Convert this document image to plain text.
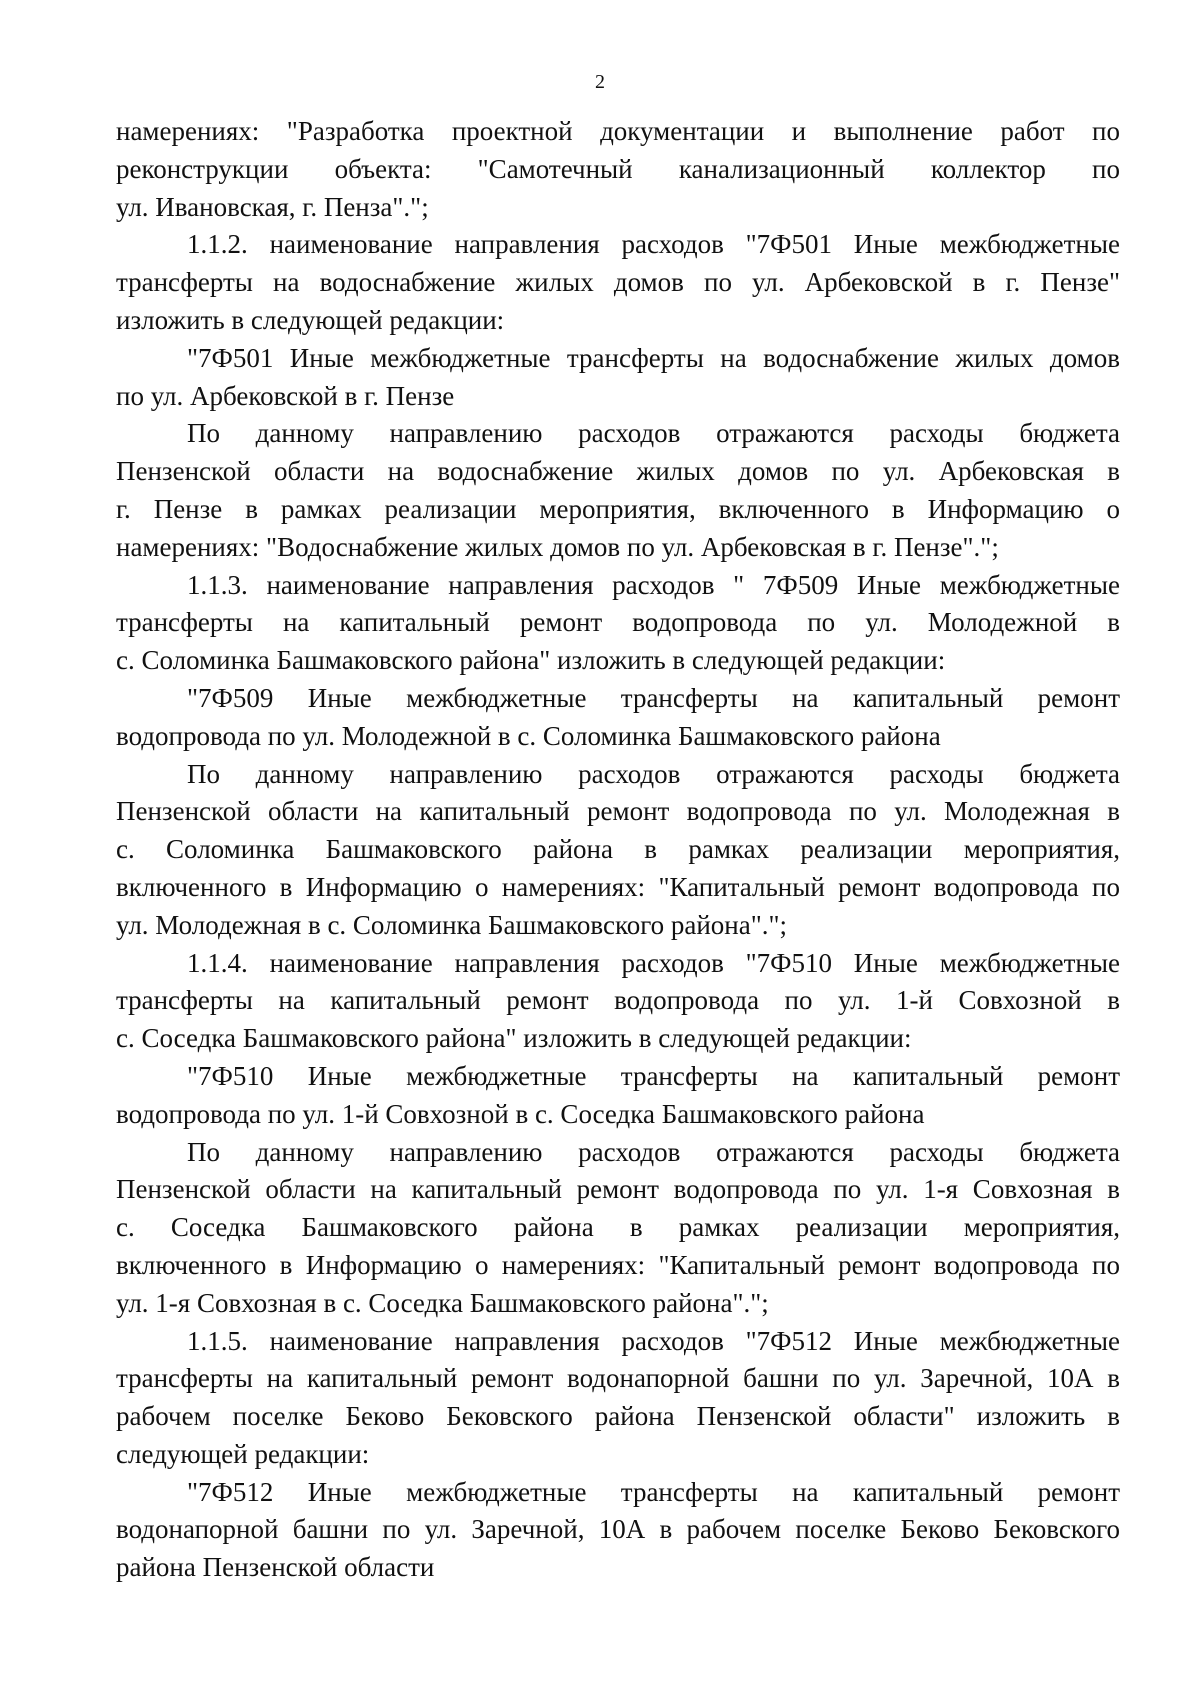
2
намерениях: "Разработка проектной документации и выполнение работ по
реконструкции объекта: "Самотечный канализационный коллектор по
ул. Ивановская, г. Пенза".";
1.1.2. наименование направления расходов "7Ф501 Иные межбюджетные
трансферты на водоснабжение жилых домов по ул. Арбековской в г. Пензе"
изложить в следующей редакции:
"7Ф501 Иные межбюджетные трансферты на водоснабжение жилых домов
по ул. Арбековской в г. Пензе
По данному направлению расходов отражаются расходы бюджета
Пензенской области на водоснабжение жилых домов по ул. Арбековская в
г. Пензе в рамках реализации мероприятия, включенного в Информацию о
намерениях: "Водоснабжение жилых домов по ул. Арбековская в г. Пензе".";
1.1.3. наименование направления расходов " 7Ф509 Иные межбюджетные
трансферты на капитальный ремонт водопровода по ул. Молодежной в
с. Соломинка Башмаковского района" изложить в следующей редакции:
"7Ф509 Иные межбюджетные трансферты на капитальный ремонт
водопровода по ул. Молодежной в с. Соломинка Башмаковского района
По данному направлению расходов отражаются расходы бюджета
Пензенской области на капитальный ремонт водопровода по ул. Молодежная в
с. Соломинка Башмаковского района в рамках реализации мероприятия,
включенного в Информацию о намерениях: "Капитальный ремонт водопровода по
ул. Молодежная в с. Соломинка Башмаковского района".";
1.1.4. наименование направления расходов "7Ф510 Иные межбюджетные
трансферты на капитальный ремонт водопровода по ул. 1-й Совхозной в
с. Соседка Башмаковского района" изложить в следующей редакции:
"7Ф510 Иные межбюджетные трансферты на капитальный ремонт
водопровода по ул. 1-й Совхозной в с. Соседка Башмаковского района
По данному направлению расходов отражаются расходы бюджета
Пензенской области на капитальный ремонт водопровода по ул. 1-я Совхозная в
с. Соседка Башмаковского района в рамках реализации мероприятия,
включенного в Информацию о намерениях: "Капитальный ремонт водопровода по
ул. 1-я Совхозная в с. Соседка Башмаковского района".";
1.1.5. наименование направления расходов "7Ф512 Иные межбюджетные
трансферты на капитальный ремонт водонапорной башни по ул. Заречной, 10А в
рабочем поселке Беково Бековского района Пензенской области" изложить в
следующей редакции:
"7Ф512 Иные межбюджетные трансферты на капитальный ремонт
водонапорной башни по ул. Заречной, 10А в рабочем поселке Беково Бековского
района Пензенской области
